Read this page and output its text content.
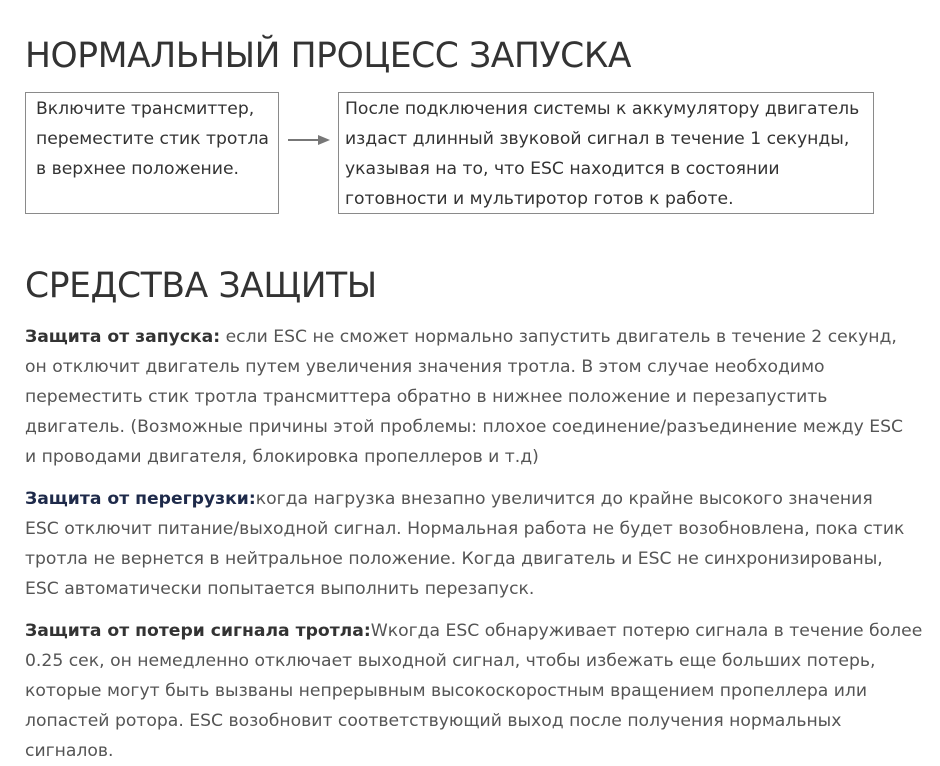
НОРМАЛЬНЫЙ ПРОЦЕСС ЗАПУСКА
Включите трансмиттер, переместите стик тротла в верхнее положение.
После подключения системы к аккумулятору двигатель издаст длинный звуковой сигнал в течение 1 секунды, указывая на то, что ESC находится в состоянии готовности и мультиротор готов к работе.
СРЕДСТВА ЗАЩИТЫ

Защита от запуска: если ESC не сможет нормально запустить двигатель в течение 2 секунд, он отключит двигатель путем увеличения значения тротла. В этом случае необходимо переместить стик тротла трансмиттера обратно в нижнее положение и перезапустить двигатель. (Возможные причины этой проблемы: плохое соединение/разъединение между ESC и проводами двигателя, блокировка пропеллеров и т.д)

Защита от перегрузки:когда нагрузка внезапно увеличится до крайне высокого значения ESC отключит питание/выходной сигнал. Нормальная работа не будет возобновлена, пока стик тротла не вернется в нейтральное положение. Когда двигатель и ESC не синхронизированы, ESC автоматически попытается выполнить перезапуск.

Защита от потери сигнала тротла:Wкогда ESC обнаруживает потерю сигнала в течение более 0.25 сек, он немедленно отключает выходной сигнал, чтобы избежать еще больших потерь, которые могут быть вызваны непрерывным высокоскоростным вращением пропеллера или лопастей ротора. ESC возобновит соответствующий выход после получения нормальных сигналов.
